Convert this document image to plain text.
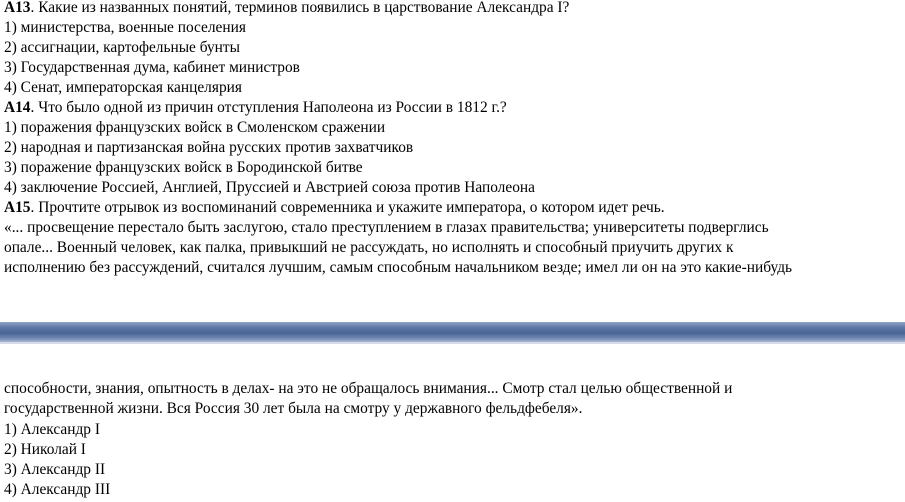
А13. Какие из названных понятий, терминов появились в царствование Александра I?
1) министерства, военные поселения
2) ассигнации, картофельные бунты
3) Государственная дума, кабинет министров
4) Сенат, императорская канцелярия
А14. Что было одной из причин отступления Наполеона из России в 1812 г.?
1) поражения французских войск в Смоленском сражении
2) народная и партизанская война русских против захватчиков
3) поражение французских войск в Бородинской битве
4) заключение Россией, Англией, Пруссией и Австрией союза против Наполеона
А15. Прочтите отрывок из воспоминаний современника и укажите императора, о котором идет речь.
«... просвещение перестало быть заслугою, стало преступлением в глазах правительства; университеты подверглись
опале... Военный человек, как палка, привыкший не рассуждать, но исполнять и способный приучить других к
исполнению без рассуждений, считался лучшим, самым способным начальником везде; имел ли он на это какие-нибудь
способности, знания, опытность в делах- на это не обращалось внимания... Смотр стал целью общественной и
государственной жизни. Вся Россия 30 лет была на смотру у державного фельдфебеля».
1) Александр I
2) Николай I
3) Александр II
4) Александр III
